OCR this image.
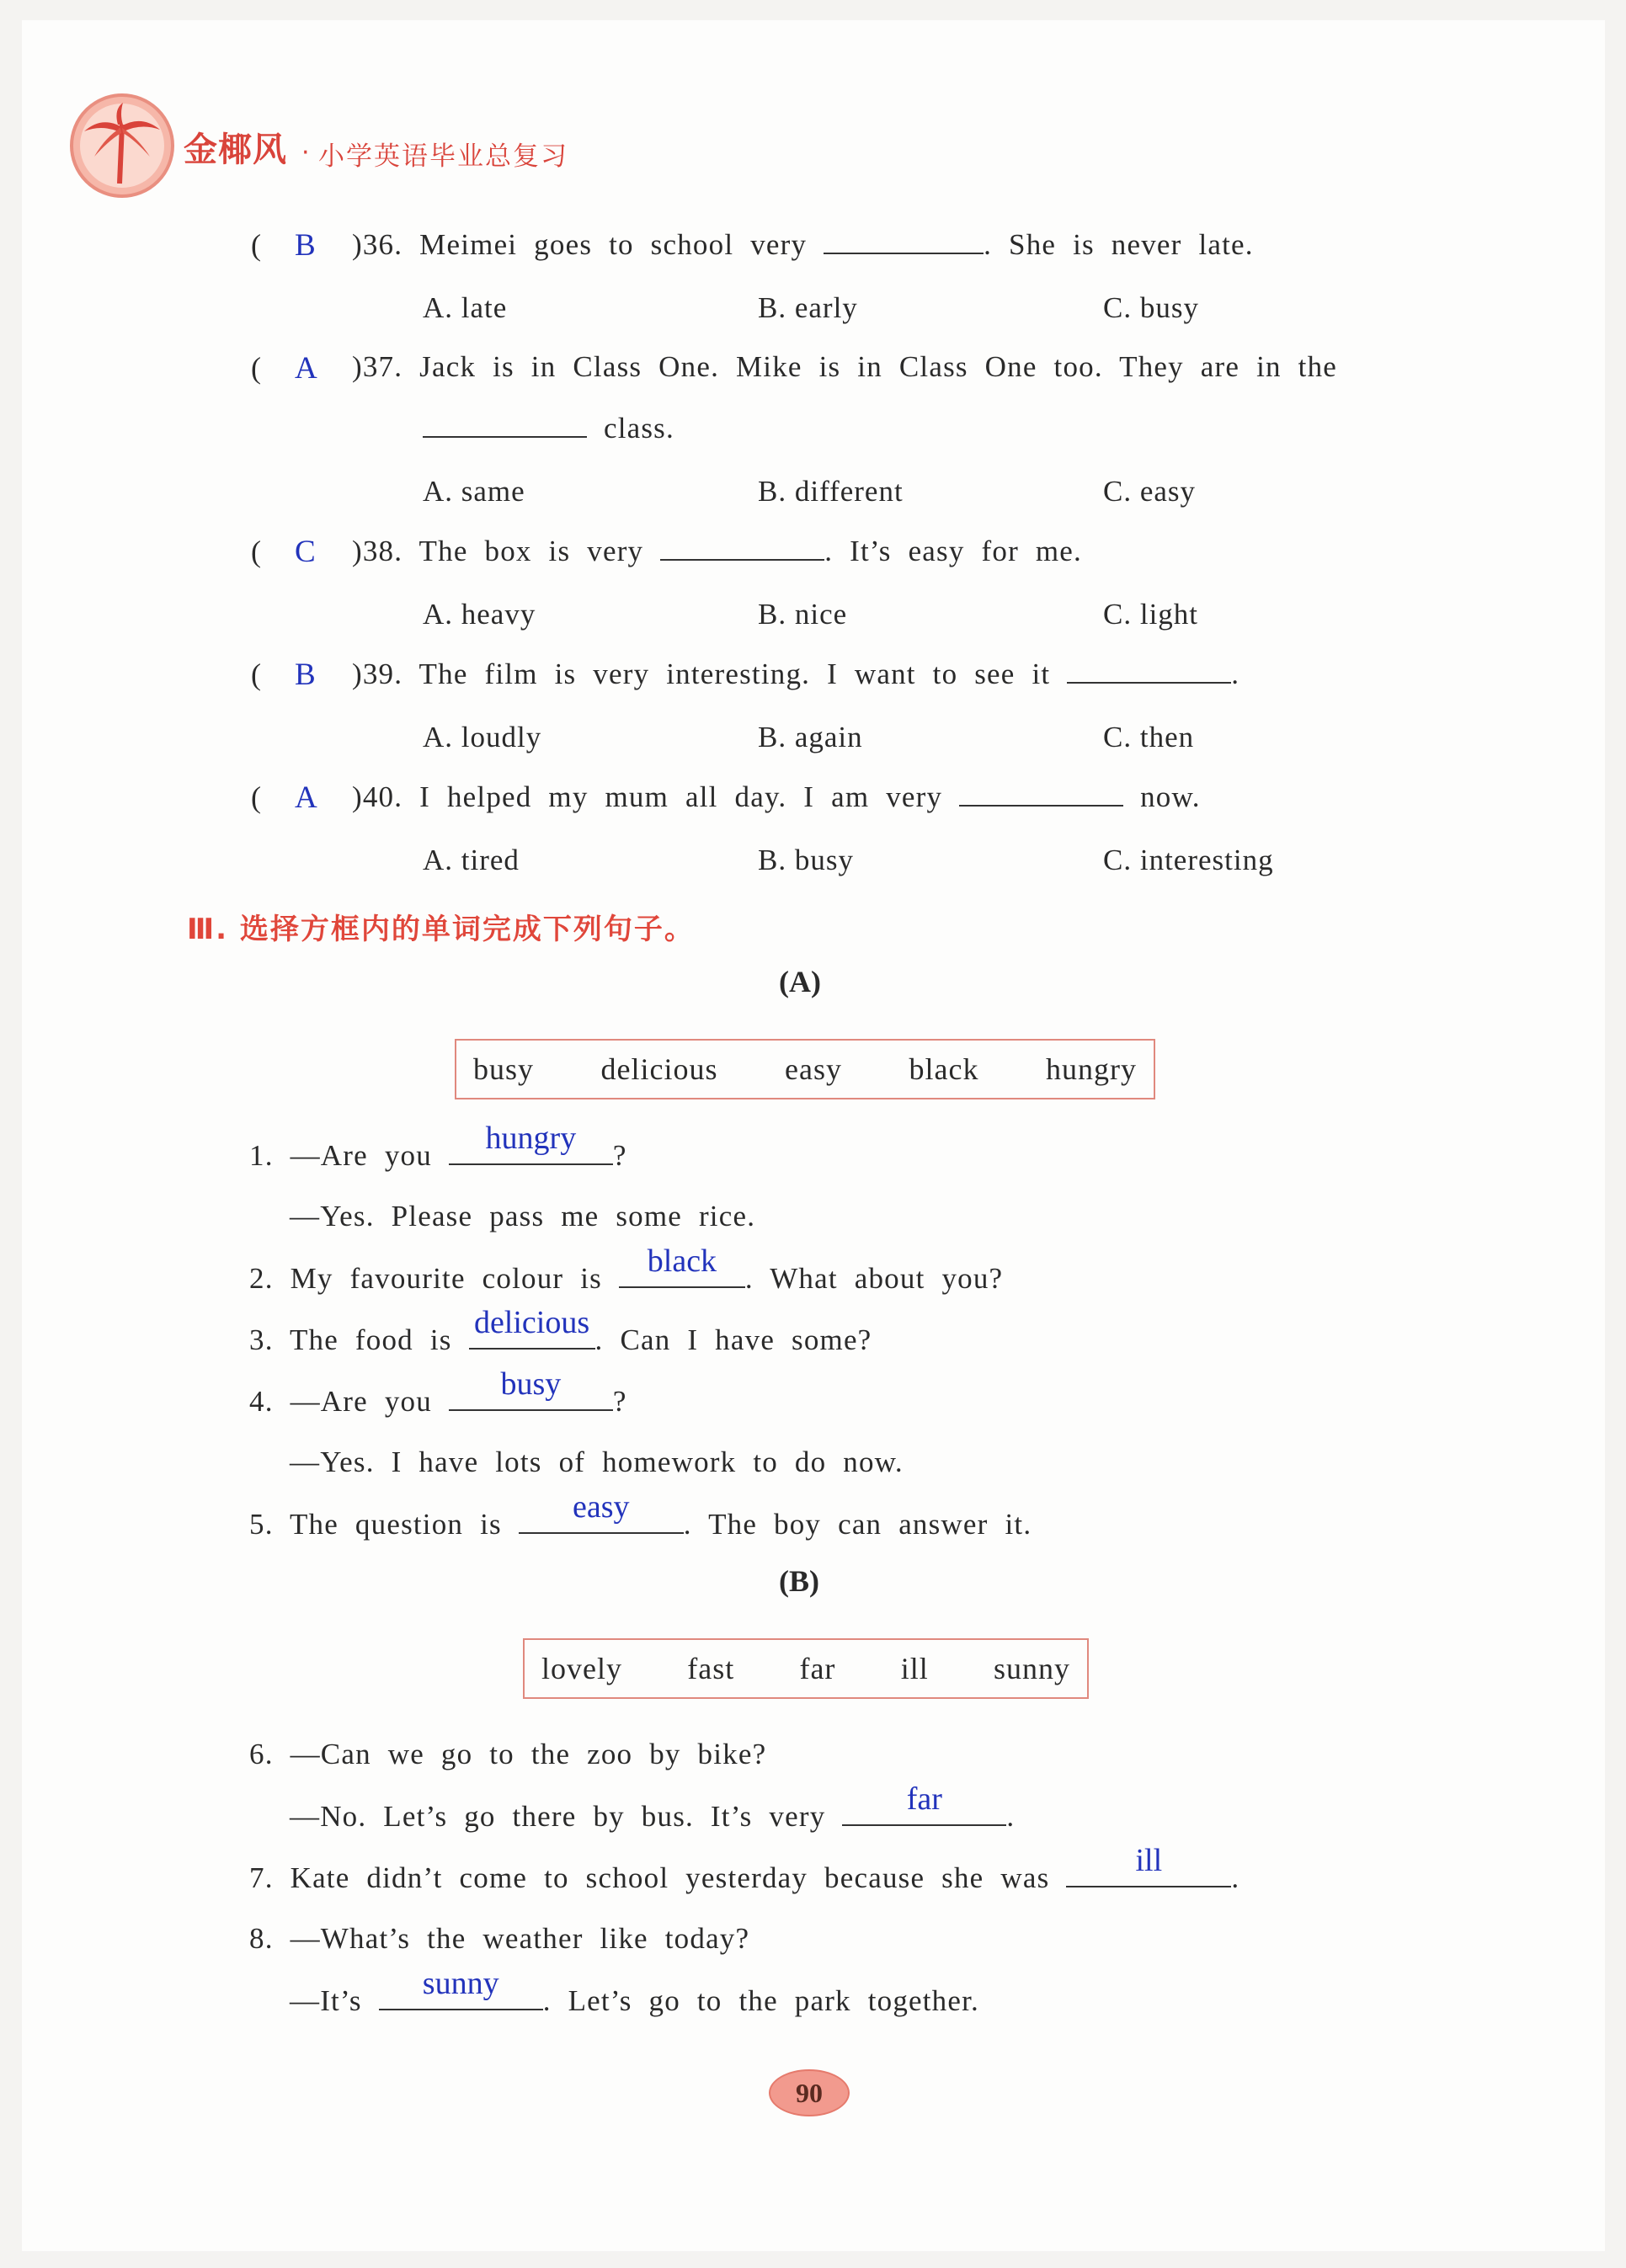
金椰风 · 小学英语毕业总复习
( B )36. Meimei goes to school very	. She is never late.
A. late	B. early	C. busy
( A )37. Jack is in Class One. Mike is in Class One too. They are in the
class.
A. same	B. different	C. easy
( C )38. The box is very	. It’s easy for me.
A. heavy	B. nice	C. light
( B )39. The film is very interesting. I want to see it	.
A. loudly	B. again	C. then
( A )40. I helped my mum all day. I am very	now.
A. tired	B. busy	C. interesting
Ⅲ. 选择方框内的单词完成下列句子。
(A)
busy delicious easy black hungry
1. —Are you	hungry	?
—Yes. Please pass me some rice.
2. My favourite colour is	black . What about you?
3. The food is delicious . Can I have some?
4. —Are you	busy	?
—Yes. I have lots of homework to do now.
5. The question is	easy	. The boy can answer it.
(B)
lovely fast far ill sunny
6. —Can we go to the zoo by bike?
—No. Let’s go there by bus. It’s very	far	.
7. Kate didn’t come to school yesterday because she was	ill	.
8. —What’s the weather like today?
—It’s	sunny	. Let’s go to the park together.
90
